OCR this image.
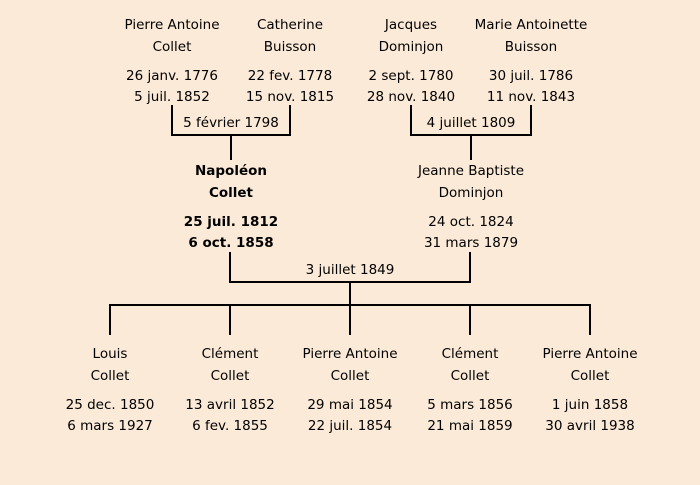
Pierre Antoine
Collet
26 janv. 1776
5 juil. 1852
Catherine
Buisson
22 fev. 1778
15 nov. 1815
Jacques
Dominjon
2 sept. 1780
28 nov. 1840
Marie Antoinette
Buisson
30 juil. 1786
11 nov. 1843
5 février 1798	4 juillet 1809
Napoléon
Collet
25 juil. 1812
6 oct. 1858
Jeanne Baptiste
Dominjon
24 oct. 1824
31 mars 1879
3 juillet 1849
Louis
Collet
25 dec. 1850
6 mars 1927
Clément
Collet
13 avril 1852
6 fev. 1855
Pierre Antoine
Collet
29 mai 1854
22 juil. 1854
Clément
Collet
5 mars 1856
21 mai 1859
Pierre Antoine
Collet
1 juin 1858
30 avril 1938
